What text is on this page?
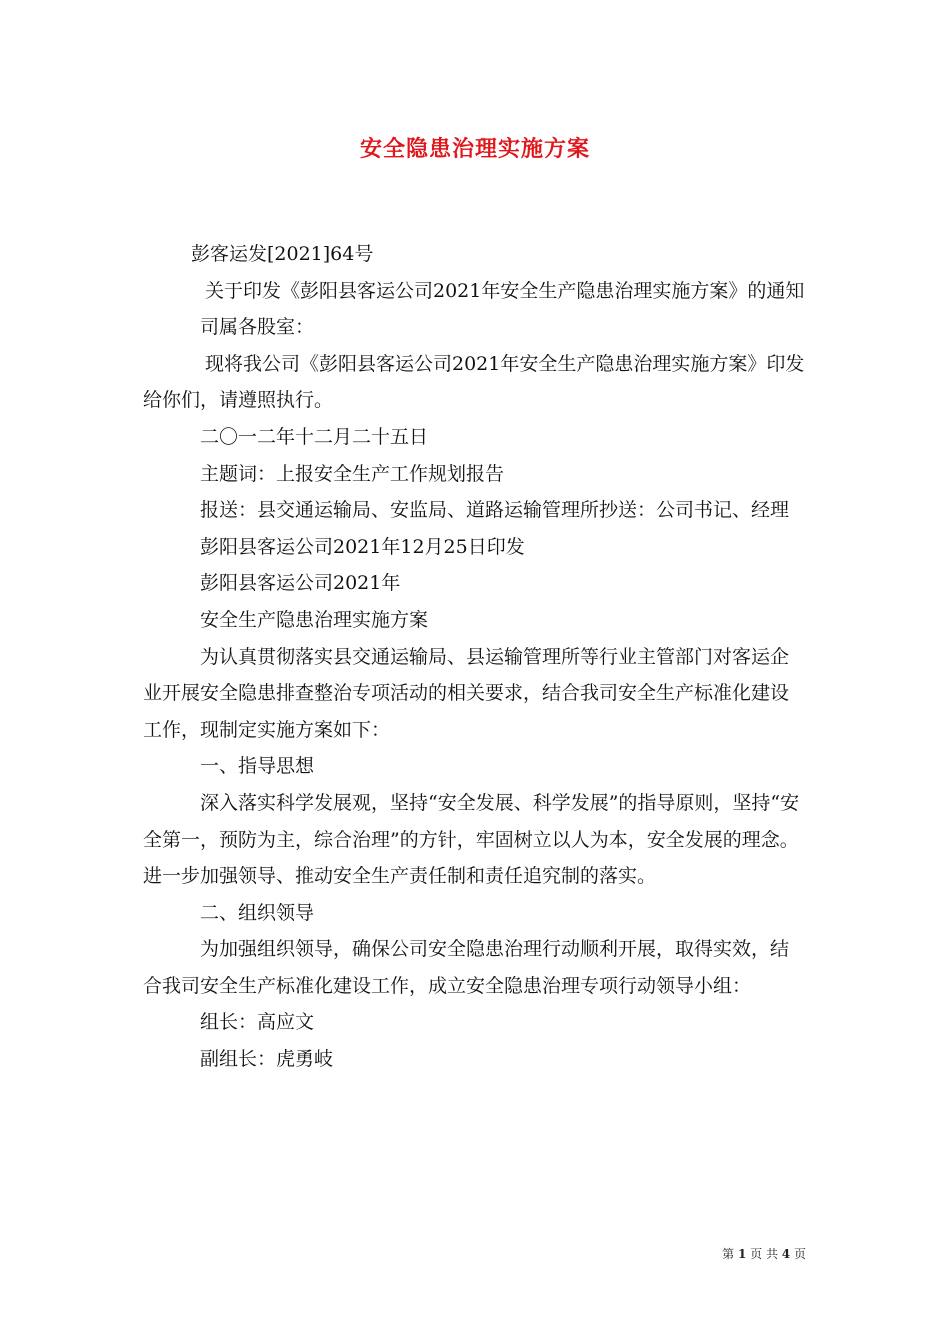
安全隐患治理实施方案

彭客运发[2021]64号

关于印发《彭阳县客运公司2021年安全生产隐患治理实施方案》的通知

司属各股室：

现将我公司《彭阳县客运公司2021年安全生产隐患治理实施方案》印发给你们，请遵照执行。

二〇一二年十二月二十五日

主题词：上报安全生产工作规划报告

报送：县交通运输局、安监局、道路运输管理所抄送：公司书记、经理

彭阳县客运公司2021年12月25日印发

彭阳县客运公司2021年

安全生产隐患治理实施方案

为认真贯彻落实县交通运输局、县运输管理所等行业主管部门对客运企业开展安全隐患排查整治专项活动的相关要求，结合我司安全生产标准化建设工作，现制定实施方案如下：

一、指导思想

深入落实科学发展观，坚持“安全发展、科学发展”的指导原则，坚持“安全第一，预防为主，综合治理”的方针，牢固树立以人为本，安全发展的理念。进一步加强领导、推动安全生产责任制和责任追究制的落实。

二、组织领导

为加强组织领导，确保公司安全隐患治理行动顺利开展，取得实效，结合我司安全生产标准化建设工作，成立安全隐患治理专项行动领导小组：

组长：高应文

副组长：虎勇岐

第 1 页 共 4 页
